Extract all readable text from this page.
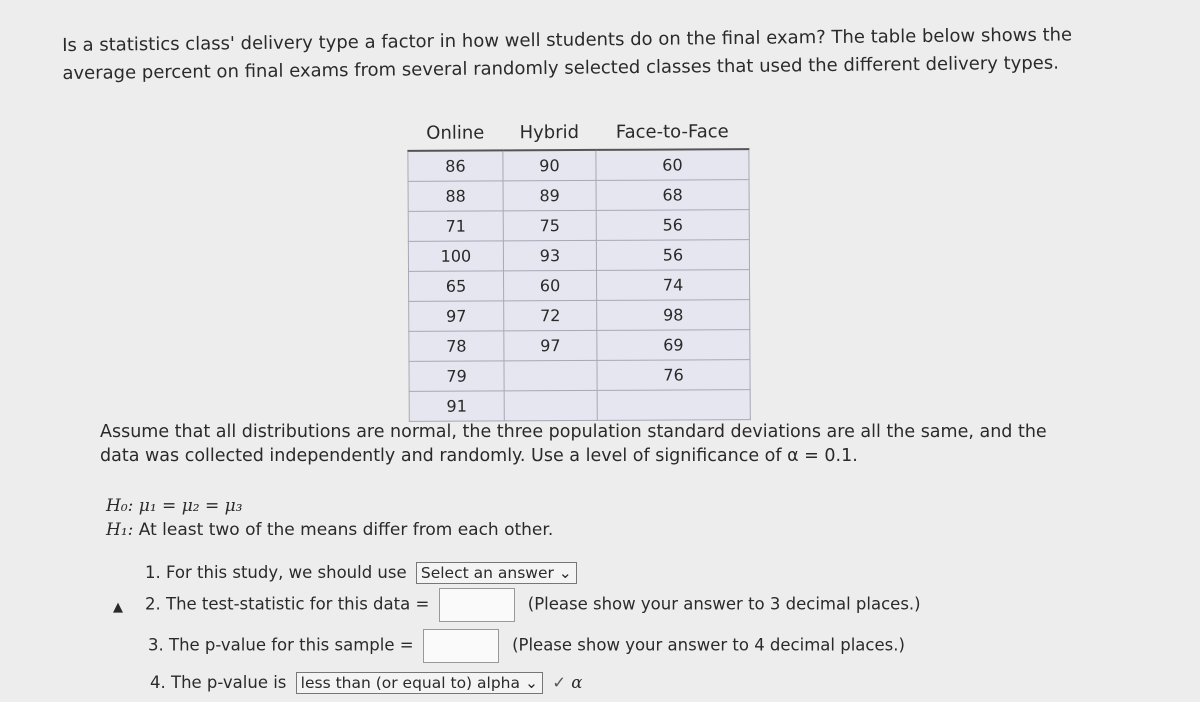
Is a statistics class' delivery type a factor in how well students do on the final exam? The table below shows the average percent on final exams from several randomly selected classes that used the different delivery types.
Online	Hybrid	Face-to-Face
86	90	60
88	89	68
71	75	56
100	93	56
65	60	74
97	72	98
78	97	69
79		76
91		
Assume that all distributions are normal, the three population standard deviations are all the same, and the data was collected independently and randomly. Use a level of significance of α = 0.1.
H₀: μ₁ = μ₂ = μ₃
H₁: At least two of the means differ from each other.
1. For this study, we should use Select an answer ⌄
▲ 2. The test-statistic for this data =	(Please show your answer to 3 decimal places.)
3. The p-value for this sample =	(Please show your answer to 4 decimal places.)
4. The p-value is less than (or equal to) alpha ⌄ ✓ α
